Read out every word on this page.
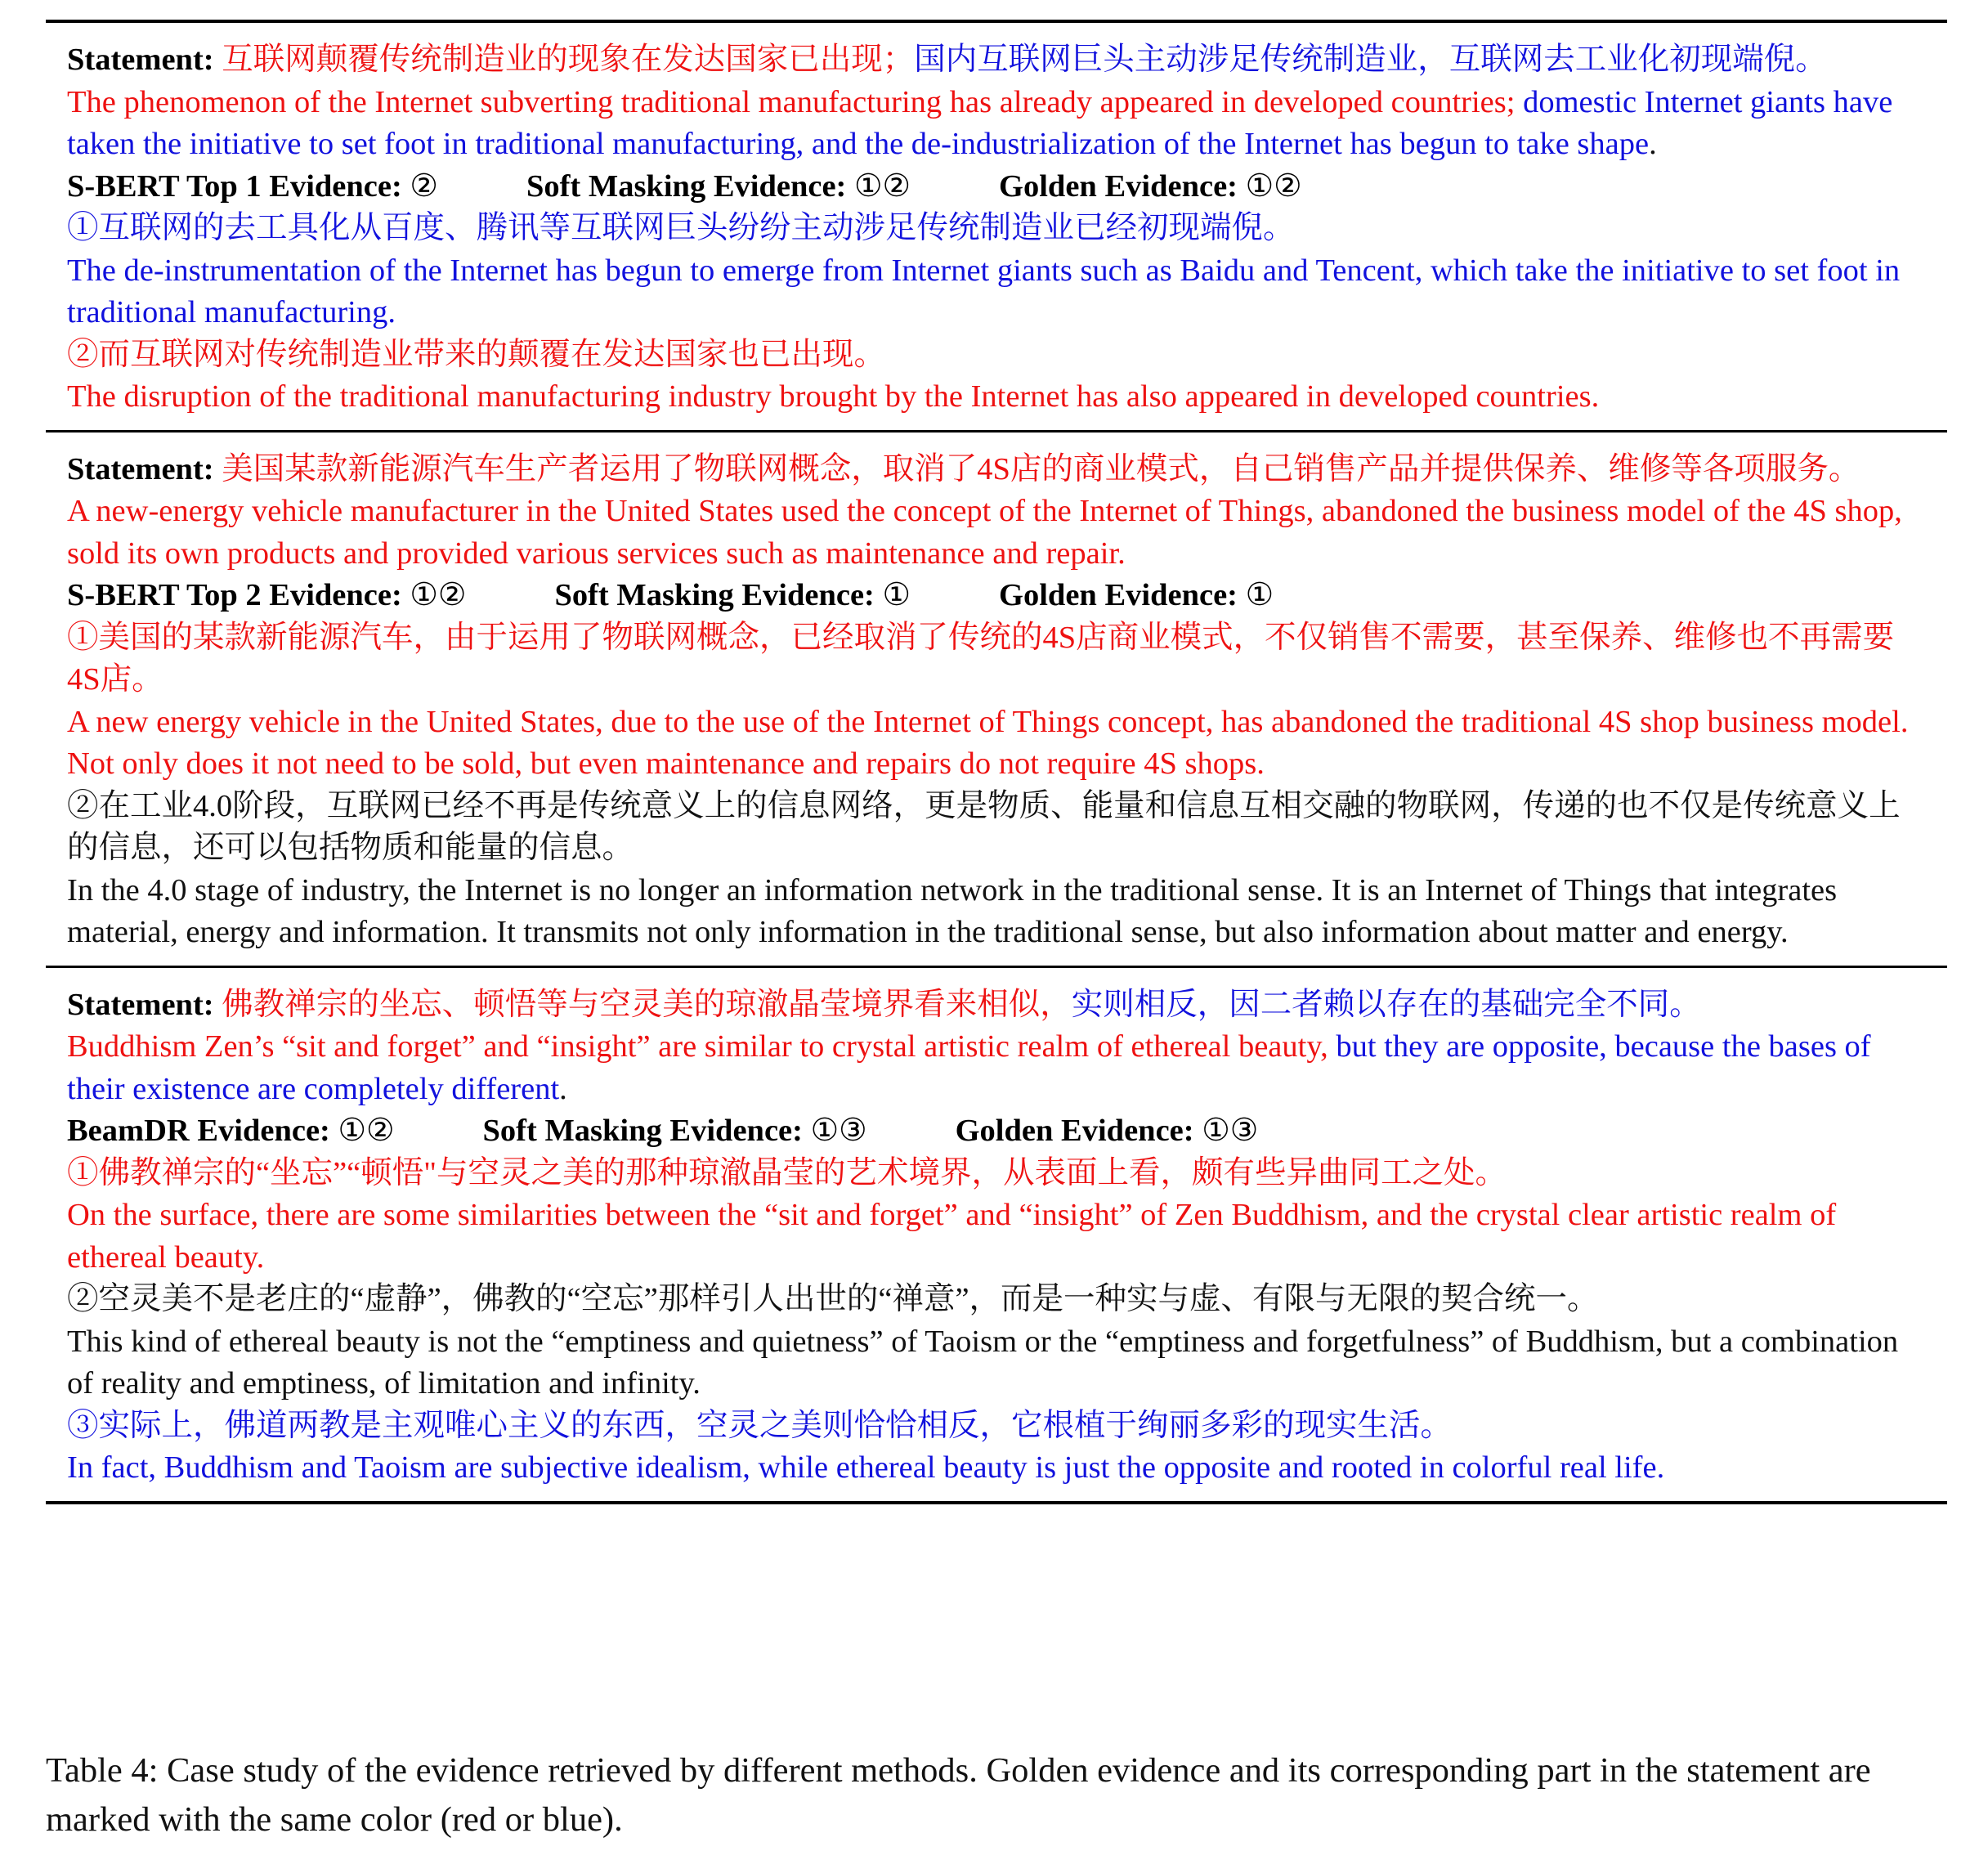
Statement: 互联网颠覆传统制造业的现象在发达国家已出现；国内互联网巨头主动涉足传统制造业，互联网去工业化初现端倪。
The phenomenon of the Internet subverting traditional manufacturing has already appeared in developed countries; domestic Internet giants have taken the initiative to set foot in traditional manufacturing, and the de-industrialization of the Internet has begun to take shape.
S-BERT Top 1 Evidence: ②	Soft Masking Evidence: ①②	Golden Evidence: ①②
①互联网的去工具化从百度、腾讯等互联网巨头纷纷主动涉足传统制造业已经初现端倪。
The de-instrumentation of the Internet has begun to emerge from Internet giants such as Baidu and Tencent, which take the initiative to set foot in traditional manufacturing.
②而互联网对传统制造业带来的颠覆在发达国家也已出现。
The disruption of the traditional manufacturing industry brought by the Internet has also appeared in developed countries.
Statement: 美国某款新能源汽车生产者运用了物联网概念，取消了4S店的商业模式，自己销售产品并提供保养、维修等各项服务。
A new-energy vehicle manufacturer in the United States used the concept of the Internet of Things, abandoned the business model of the 4S shop, sold its own products and provided various services such as maintenance and repair.
S-BERT Top 2 Evidence: ①②	Soft Masking Evidence: ①	Golden Evidence: ①
①美国的某款新能源汽车，由于运用了物联网概念，已经取消了传统的4S店商业模式，不仅销售不需要，甚至保养、维修也不再需要4S店。
A new energy vehicle in the United States, due to the use of the Internet of Things concept, has abandoned the traditional 4S shop business model. Not only does it not need to be sold, but even maintenance and repairs do not require 4S shops.
②在工业4.0阶段，互联网已经不再是传统意义上的信息网络，更是物质、能量和信息互相交融的物联网，传递的也不仅是传统意义上的信息，还可以包括物质和能量的信息。
In the 4.0 stage of industry, the Internet is no longer an information network in the traditional sense. It is an Internet of Things that integrates material, energy and information. It transmits not only information in the traditional sense, but also information about matter and energy.
Statement: 佛教禅宗的坐忘、顿悟等与空灵美的琼澈晶莹境界看来相似，实则相反，因二者赖以存在的基础完全不同。
Buddhism Zen’s “sit and forget” and “insight” are similar to crystal artistic realm of ethereal beauty, but they are opposite, because the bases of their existence are completely different.
BeamDR Evidence: ①②	Soft Masking Evidence: ①③	Golden Evidence: ①③
①佛教禅宗的“坐忘”“顿悟"与空灵之美的那种琼澈晶莹的艺术境界，从表面上看，颇有些异曲同工之处。
On the surface, there are some similarities between the “sit and forget” and “insight” of Zen Buddhism, and the crystal clear artistic realm of ethereal beauty.
②空灵美不是老庄的“虚静”，佛教的“空忘”那样引人出世的“禅意”，而是一种实与虚、有限与无限的契合统一。
This kind of ethereal beauty is not the “emptiness and quietness” of Taoism or the “emptiness and forgetfulness” of Buddhism, but a combination of reality and emptiness, of limitation and infinity.
③实际上，佛道两教是主观唯心主义的东西，空灵之美则恰恰相反，它根植于绚丽多彩的现实生活。
In fact, Buddhism and Taoism are subjective idealism, while ethereal beauty is just the opposite and rooted in colorful real life.
Table 4: Case study of the evidence retrieved by different methods. Golden evidence and its corresponding part in the statement are marked with the same color (red or blue).
